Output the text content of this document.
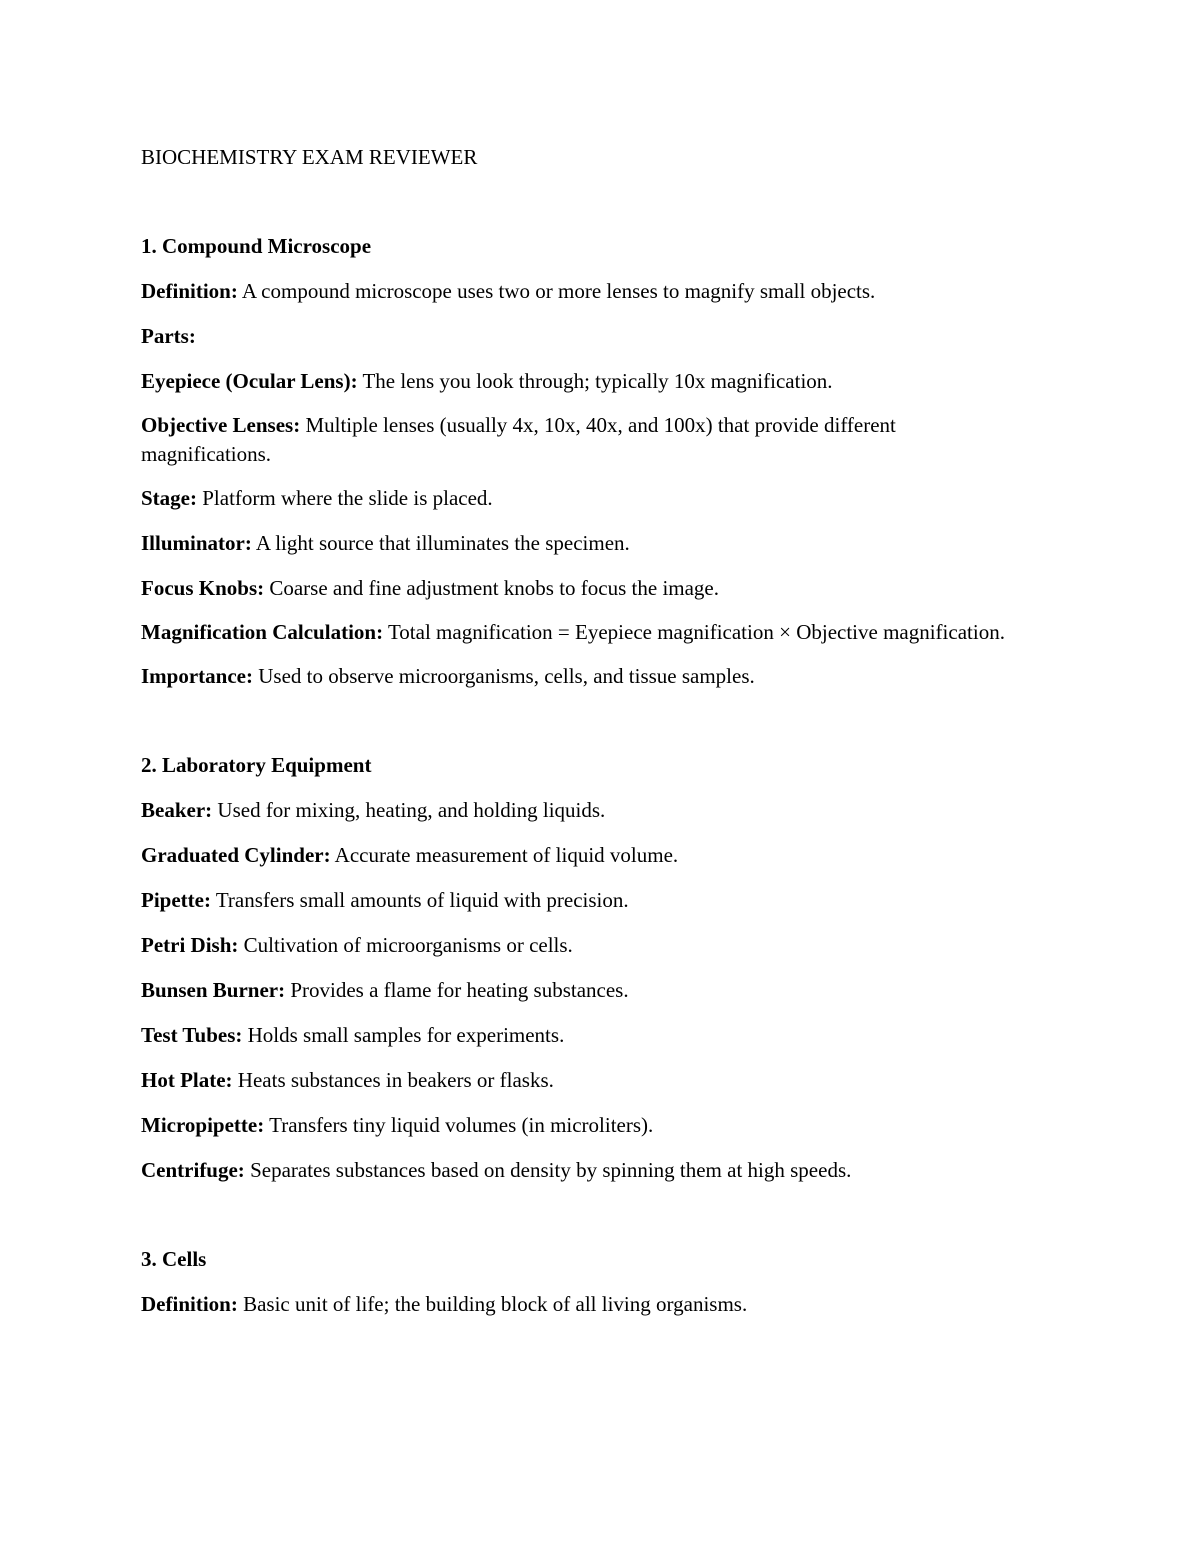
BIOCHEMISTRY EXAM REVIEWER
1. Compound Microscope

Definition: A compound microscope uses two or more lenses to magnify small objects.

Parts:

Eyepiece (Ocular Lens): The lens you look through; typically 10x magnification.

Objective Lenses: Multiple lenses (usually 4x, 10x, 40x, and 100x) that provide different magnifications.

Stage: Platform where the slide is placed.

Illuminator: A light source that illuminates the specimen.

Focus Knobs: Coarse and fine adjustment knobs to focus the image.

Magnification Calculation: Total magnification = Eyepiece magnification × Objective magnification.

Importance: Used to observe microorganisms, cells, and tissue samples.

2. Laboratory Equipment

Beaker: Used for mixing, heating, and holding liquids.

Graduated Cylinder: Accurate measurement of liquid volume.

Pipette: Transfers small amounts of liquid with precision.

Petri Dish: Cultivation of microorganisms or cells.

Bunsen Burner: Provides a flame for heating substances.

Test Tubes: Holds small samples for experiments.

Hot Plate: Heats substances in beakers or flasks.

Micropipette: Transfers tiny liquid volumes (in microliters).

Centrifuge: Separates substances based on density by spinning them at high speeds.

3. Cells

Definition: Basic unit of life; the building block of all living organisms.
